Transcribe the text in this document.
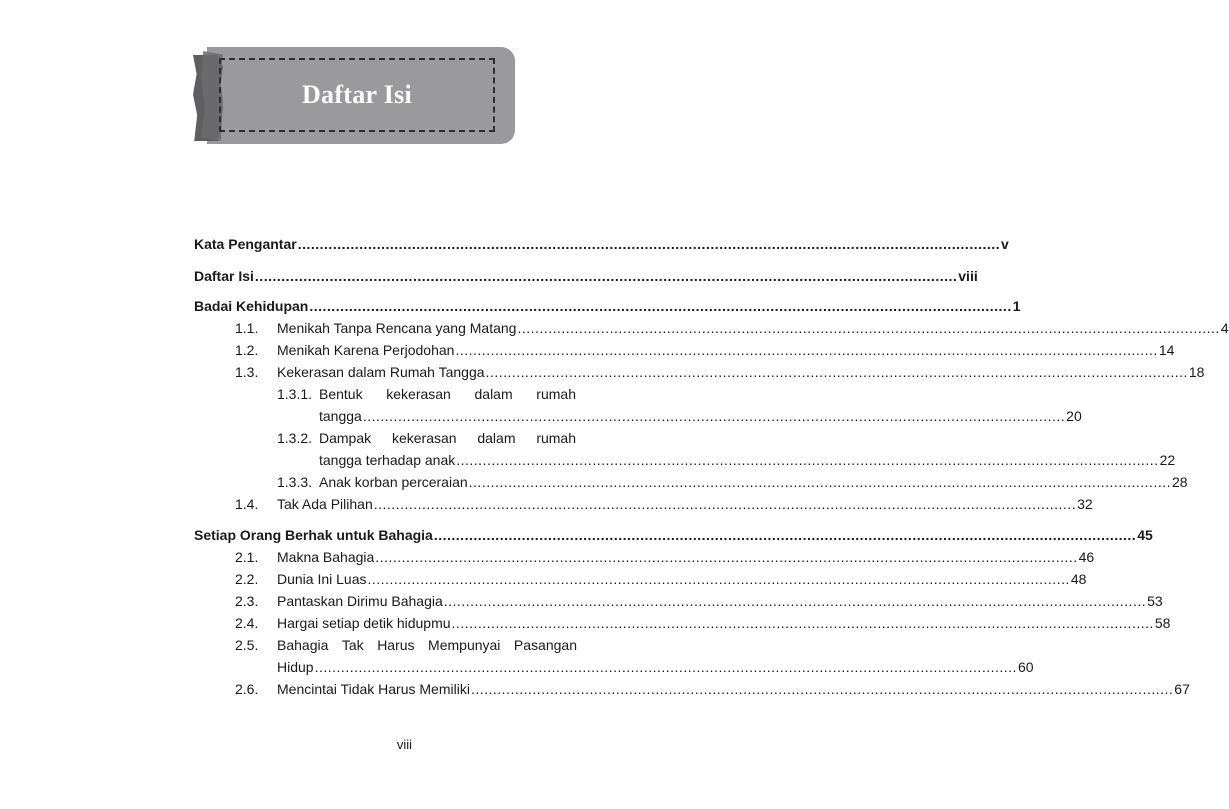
Daftar Isi
Kata Pengantar ................................................................................................................................................................ v
Daftar Isi ................................................................................................................................................................ viii
Badai Kehidupan ................................................................................................................................................................ 1
1.1. Menikah Tanpa Rencana yang Matang ................................................................................................................................................................ 4
1.2. Menikah Karena Perjodohan ................................................................................................................................................................ 14
1.3. Kekerasan dalam Rumah Tangga ................................................................................................................................................................ 18
1.3.1. Bentuk kekerasan dalam rumah
tangga ................................................................................................................................................................ 20
1.3.2. Dampak kekerasan dalam rumah
tangga terhadap anak ................................................................................................................................................................ 22
1.3.3. Anak korban perceraian ................................................................................................................................................................ 28
1.4. Tak Ada Pilihan ................................................................................................................................................................ 32
Setiap Orang Berhak untuk Bahagia ................................................................................................................................................................ 45
2.1. Makna Bahagia ................................................................................................................................................................ 46
2.2. Dunia Ini Luas ................................................................................................................................................................ 48
2.3. Pantaskan Dirimu Bahagia ................................................................................................................................................................ 53
2.4. Hargai setiap detik hidupmu ................................................................................................................................................................ 58
2.5. Bahagia Tak Harus Mempunyai Pasangan
Hidup ................................................................................................................................................................ 60
2.6. Mencintai Tidak Harus Memiliki ................................................................................................................................................................ 67
viii
